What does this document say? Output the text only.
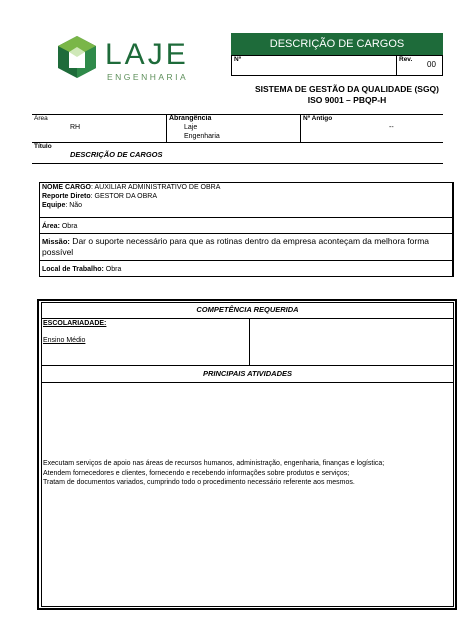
LAJE
ENGENHARIA
DESCRIÇÃO DE CARGOS
Nº	Rev.
00
SISTEMA DE GESTÃO DA QUALIDADE (SGQ)
ISO 9001 – PBQP-H
Área
RH
Abrangência
Laje
Engenharia
Nº Antigo
--
Título
DESCRIÇÃO DE CARGOS
NOME CARGO: AUXILIAR ADMINISTRATIVO DE OBRA
Reporte Direto: GESTOR DA OBRA
Equipe: Não
Área: Obra
Missão: Dar o suporte necessário para que as rotinas dentro da empresa aconteçam da melhora forma possível
Local de Trabalho: Obra
COMPETÊNCIA REQUERIDA
ESCOLARIADADE:
Ensino Médio
PRINCIPAIS ATIVIDADES
Executam serviços de apoio nas áreas de recursos humanos, administração, engenharia, finanças e logística;
Atendem fornecedores e clientes, fornecendo e recebendo informações sobre produtos e serviços;
Tratam de documentos variados, cumprindo todo o procedimento necessário referente aos mesmos.
